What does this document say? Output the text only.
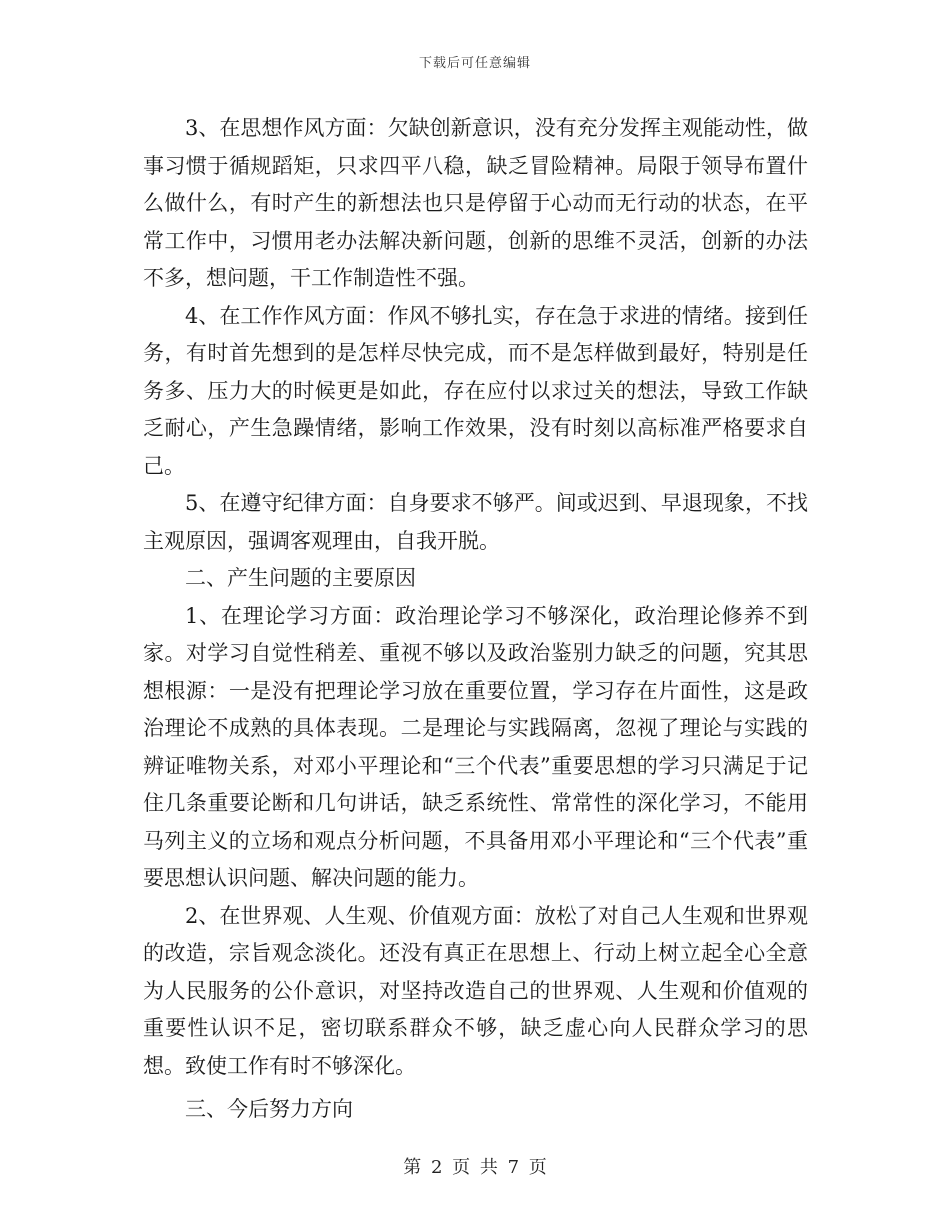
下载后可任意编辑

3、在思想作风方面：欠缺创新意识，没有充分发挥主观能动性，做事习惯于循规蹈矩，只求四平八稳，缺乏冒险精神。局限于领导布置什么做什么，有时产生的新想法也只是停留于心动而无行动的状态，在平常工作中，习惯用老办法解决新问题，创新的思维不灵活，创新的办法不多，想问题，干工作制造性不强。

4、在工作作风方面：作风不够扎实，存在急于求进的情绪。接到任务，有时首先想到的是怎样尽快完成，而不是怎样做到最好，特别是任务多、压力大的时候更是如此，存在应付以求过关的想法，导致工作缺乏耐心，产生急躁情绪，影响工作效果，没有时刻以高标准严格要求自己。

5、在遵守纪律方面：自身要求不够严。间或迟到、早退现象，不找主观原因，强调客观理由，自我开脱。

二、产生问题的主要原因

1、在理论学习方面：政治理论学习不够深化，政治理论修养不到家。对学习自觉性稍差、重视不够以及政治鉴别力缺乏的问题，究其思想根源：一是没有把理论学习放在重要位置，学习存在片面性，这是政治理论不成熟的具体表现。二是理论与实践隔离，忽视了理论与实践的辨证唯物关系，对邓小平理论和“三个代表”重要思想的学习只满足于记住几条重要论断和几句讲话，缺乏系统性、常常性的深化学习，不能用马列主义的立场和观点分析问题，不具备用邓小平理论和“三个代表”重要思想认识问题、解决问题的能力。

2、在世界观、人生观、价值观方面：放松了对自己人生观和世界观的改造，宗旨观念淡化。还没有真正在思想上、行动上树立起全心全意为人民服务的公仆意识，对坚持改造自己的世界观、人生观和价值观的重要性认识不足，密切联系群众不够，缺乏虚心向人民群众学习的思想。致使工作有时不够深化。

三、今后努力方向

第 2 页 共 7 页
